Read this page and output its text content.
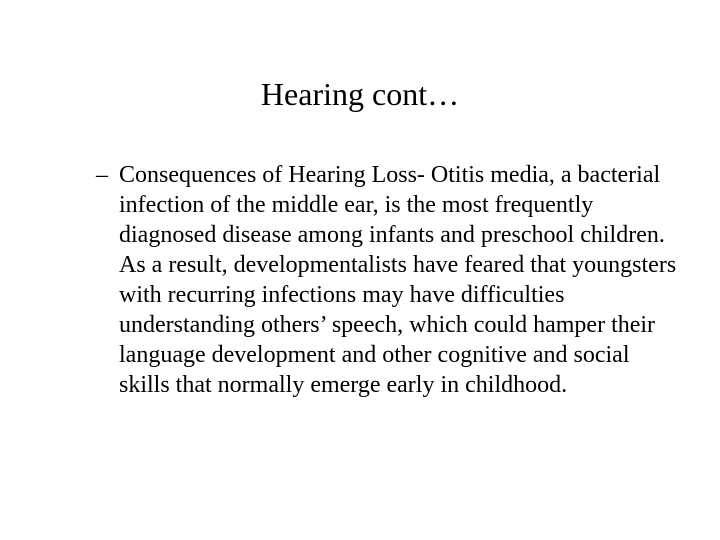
Hearing cont…
– Consequences of Hearing Loss- Otitis media, a bacterial infection of the middle ear, is the most frequently diagnosed disease among infants and preschool children. As a result, developmentalists have feared that youngsters with recurring infections may have difficulties understanding others’ speech, which could hamper their language development and other cognitive and social skills that normally emerge early in childhood.
